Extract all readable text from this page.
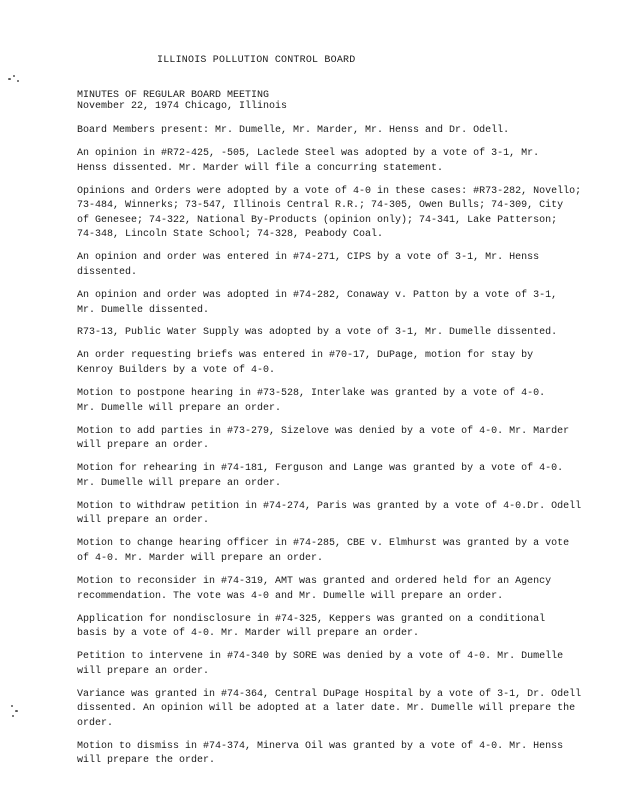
ILLINOIS POLLUTION CONTROL BOARD
MINUTES OF REGULAR BOARD MEETING
November 22, 1974 Chicago, Illinois

Board Members present: Mr. Dumelle, Mr. Marder, Mr. Henss and Dr. Odell.

An opinion in #R72-425, -505, Laclede Steel was adopted by a vote of 3-1, Mr.
Henss dissented. Mr. Marder will file a concurring statement.

Opinions and Orders were adopted by a vote of 4-0 in these cases: #R73-282, Novello;
73-484, Winnerks; 73-547, Illinois Central R.R.; 74-305, Owen Bulls; 74-309, City
of Genesee; 74-322, National By-Products (opinion only); 74-341, Lake Patterson;
74-348, Lincoln State School; 74-328, Peabody Coal.

An opinion and order was entered in #74-271, CIPS by a vote of 3-1, Mr. Henss
dissented.

An opinion and order was adopted in #74-282, Conaway v. Patton by a vote of 3-1,
Mr. Dumelle dissented.

R73-13, Public Water Supply was adopted by a vote of 3-1, Mr. Dumelle dissented.

An order requesting briefs was entered in #70-17, DuPage, motion for stay by
Kenroy Builders by a vote of 4-0.

Motion to postpone hearing in #73-528, Interlake was granted by a vote of 4-0.
Mr. Dumelle will prepare an order.

Motion to add parties in #73-279, Sizelove was denied by a vote of 4-0. Mr. Marder
will prepare an order.

Motion for rehearing in #74-181, Ferguson and Lange was granted by a vote of 4-0.
Mr. Dumelle will prepare an order.

Motion to withdraw petition in #74-274, Paris was granted by a vote of 4-0.Dr. Odell
will prepare an order.

Motion to change hearing officer in #74-285, CBE v. Elmhurst was granted by a vote
of 4-0. Mr. Marder will prepare an order.

Motion to reconsider in #74-319, AMT was granted and ordered held for an Agency
recommendation. The vote was 4-0 and Mr. Dumelle will prepare an order.

Application for nondisclosure in #74-325, Keppers was granted on a conditional
basis by a vote of 4-0. Mr. Marder will prepare an order.

Petition to intervene in #74-340 by SORE was denied by a vote of 4-0. Mr. Dumelle
will prepare an order.

Variance was granted in #74-364, Central DuPage Hospital by a vote of 3-1, Dr. Odell
dissented. An opinion will be adopted at a later date. Mr. Dumelle will prepare the
order.

Motion to dismiss in #74-374, Minerva Oil was granted by a vote of 4-0. Mr. Henss
will prepare the order.
